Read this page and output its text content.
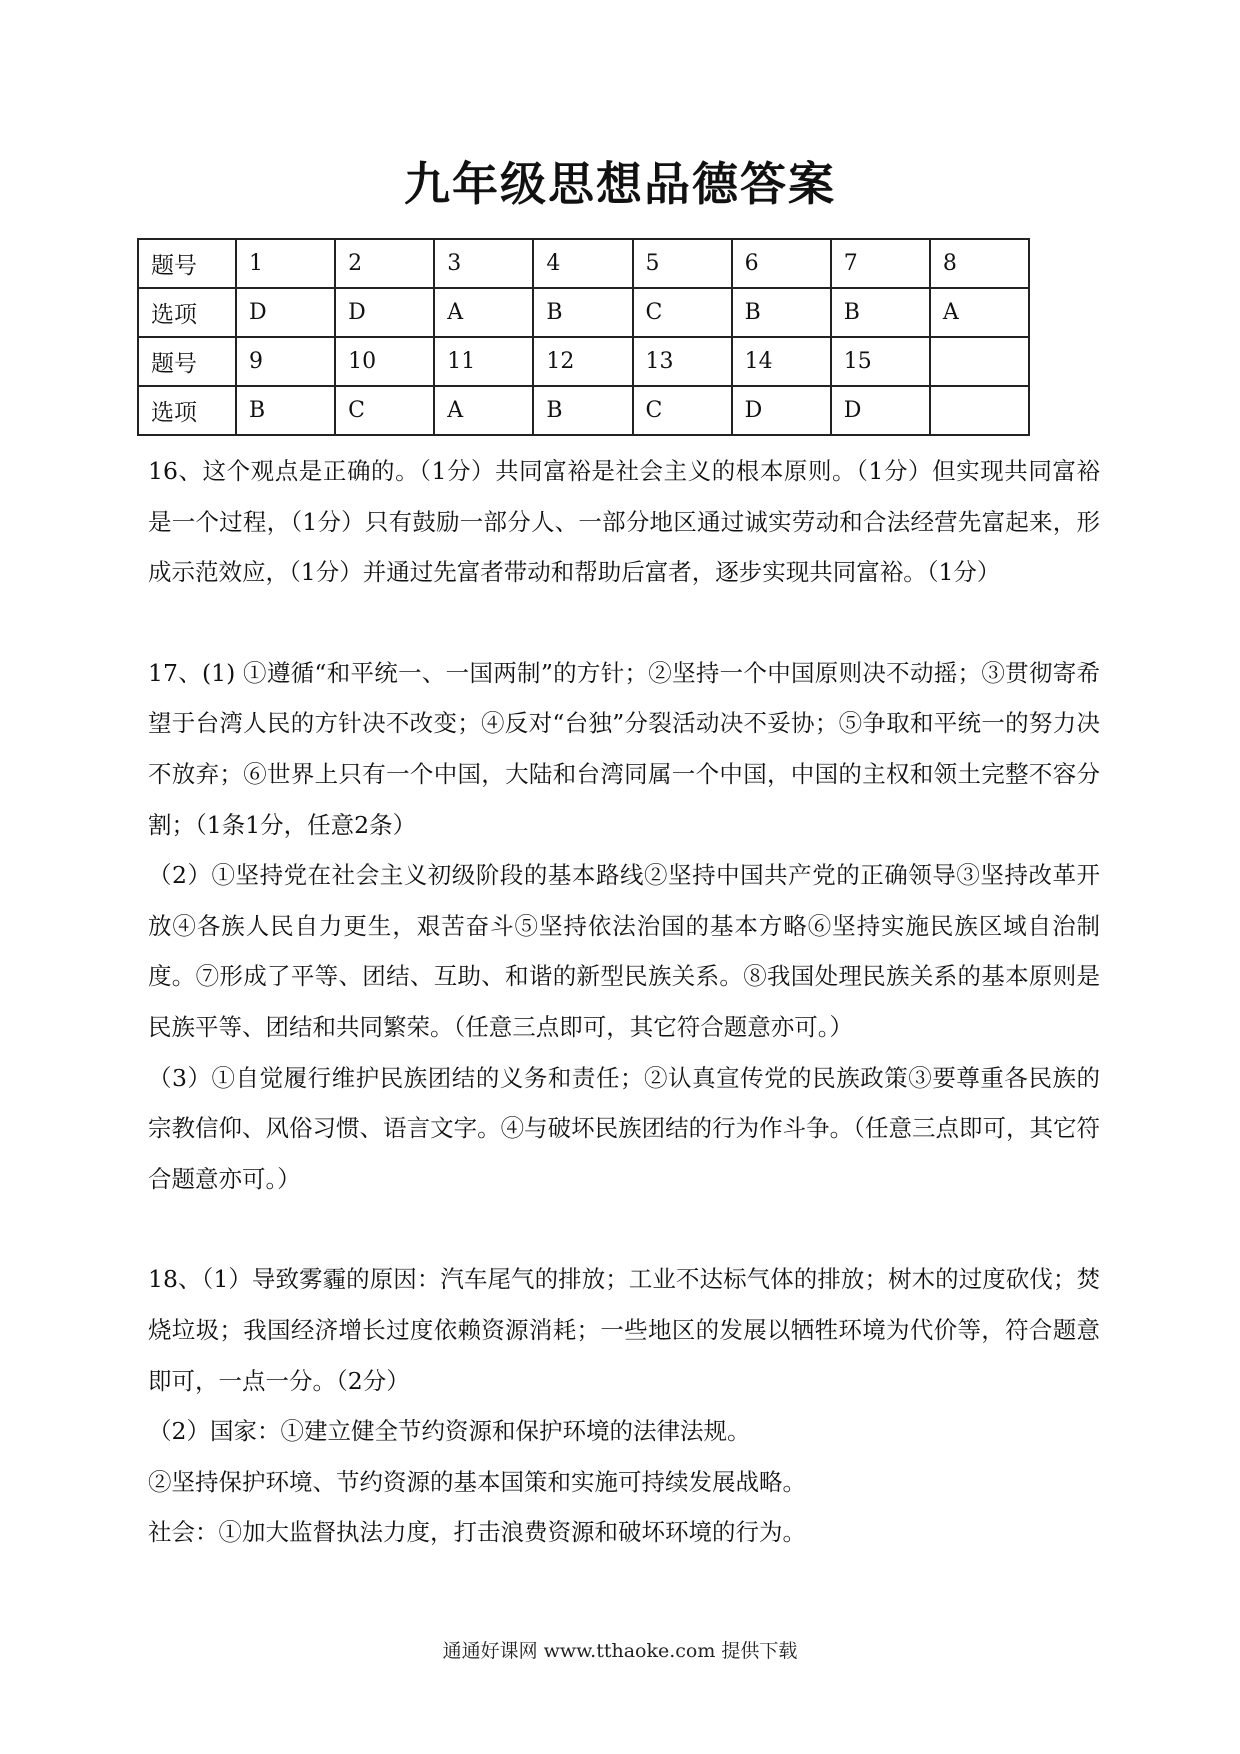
九年级思想品德答案
题号	1	2	3	4	5	6	7	8
选项	D	D	A	B	C	B	B	A
题号	9	10	11	12	13	14	15	
选项	B	C	A	B	C	D	D	

16、这个观点是正确的。（1分）共同富裕是社会主义的根本原则。（1分）但实现共同富裕是一个过程，（1分）只有鼓励一部分人、一部分地区通过诚实劳动和合法经营先富起来，形成示范效应，（1分）并通过先富者带动和帮助后富者，逐步实现共同富裕。（1分）

17、(1) ①遵循“和平统一、一国两制”的方针；②坚持一个中国原则决不动摇；③贯彻寄希望于台湾人民的方针决不改变；④反对“台独”分裂活动决不妥协；⑤争取和平统一的努力决不放弃；⑥世界上只有一个中国，大陆和台湾同属一个中国，中国的主权和领土完整不容分割；（1条1分，任意2条）

（2）①坚持党在社会主义初级阶段的基本路线②坚持中国共产党的正确领导③坚持改革开放④各族人民自力更生，艰苦奋斗⑤坚持依法治国的基本方略⑥坚持实施民族区域自治制度。⑦形成了平等、团结、互助、和谐的新型民族关系。⑧我国处理民族关系的基本原则是民族平等、团结和共同繁荣。（任意三点即可，其它符合题意亦可。）

（3）①自觉履行维护民族团结的义务和责任；②认真宣传党的民族政策③要尊重各民族的宗教信仰、风俗习惯、语言文字。④与破坏民族团结的行为作斗争。（任意三点即可，其它符合题意亦可。）

18、（1）导致雾霾的原因：汽车尾气的排放；工业不达标气体的排放；树木的过度砍伐；焚烧垃圾；我国经济增长过度依赖资源消耗；一些地区的发展以牺牲环境为代价等，符合题意即可，一点一分。（2分）

（2）国家：①建立健全节约资源和保护环境的法律法规。

②坚持保护环境、节约资源的基本国策和实施可持续发展战略。

社会：①加大监督执法力度，打击浪费资源和破坏环境的行为。

通通好课网 www.tthaoke.com 提供下载
